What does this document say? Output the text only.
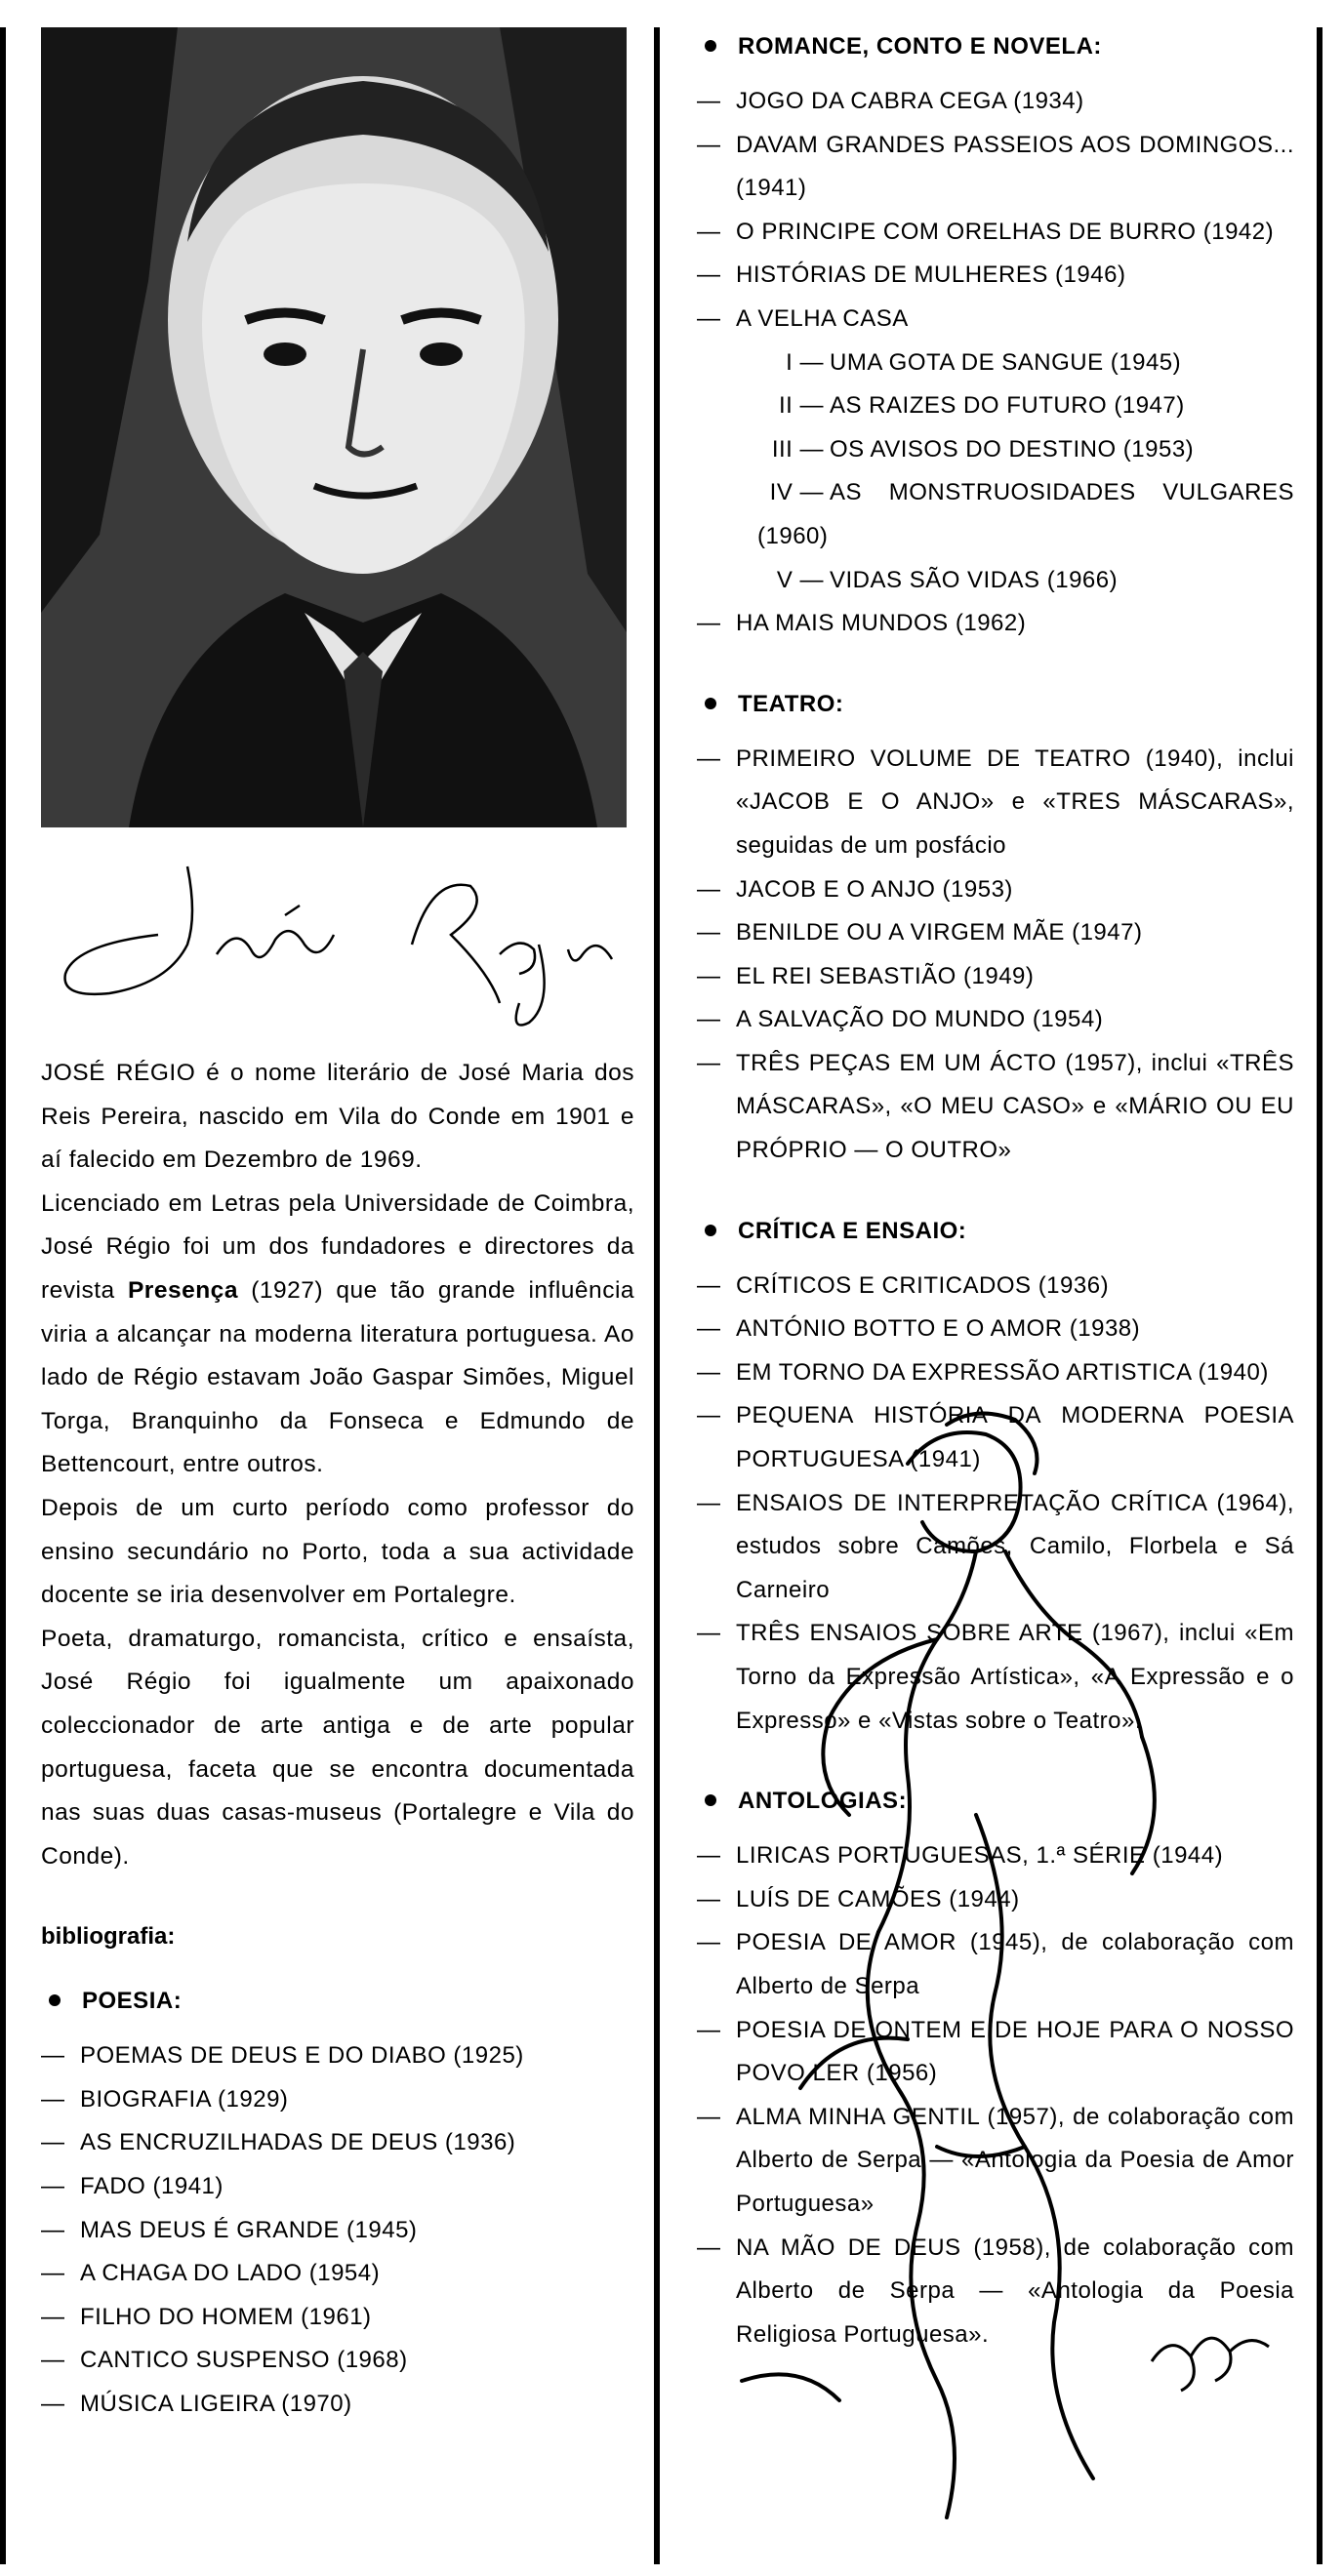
JOSÉ RÉGIO é o nome literário de José Maria dos Reis Pereira, nascido em Vila do Conde em 1901 e aí falecido em Dezembro de 1969.
Licenciado em Letras pela Universidade de Coimbra, José Régio foi um dos fundadores e directores da revista Presença (1927) que tão grande influência viria a alcançar na moderna literatura portuguesa. Ao lado de Régio estavam João Gaspar Simões, Miguel Torga, Branquinho da Fonseca e Edmundo de Bettencourt, entre outros.
Depois de um curto período como professor do ensino secundário no Porto, toda a sua actividade docente se iria desenvolver em Portalegre.
Poeta, dramaturgo, romancista, crítico e ensaísta, José Régio foi igualmente um apaixonado coleccionador de arte antiga e de arte popular portuguesa, faceta que se encontra documentada nas suas duas casas-museus (Portalegre e Vila do Conde).
bibliografia:
POESIA:
— POEMAS DE DEUS E DO DIABO (1925)
— BIOGRAFIA (1929)
— AS ENCRUZILHADAS DE DEUS (1936)
— FADO (1941)
— MAS DEUS É GRANDE (1945)
— A CHAGA DO LADO (1954)
— FILHO DO HOMEM (1961)
— CANTICO SUSPENSO (1968)
— MÚSICA LIGEIRA (1970)
ROMANCE, CONTO E NOVELA:
— JOGO DA CABRA CEGA (1934)
— DAVAM GRANDES PASSEIOS AOS DOMINGOS... (1941)
— O PRINCIPE COM ORELHAS DE BURRO (1942)
— HISTÓRIAS DE MULHERES (1946)
— A VELHA CASA
I — UMA GOTA DE SANGUE (1945)
II — AS RAIZES DO FUTURO (1947)
III — OS AVISOS DO DESTINO (1953)
IV — AS MONSTRUOSIDADES VULGARES (1960)
V — VIDAS SÃO VIDAS (1966)
— HA MAIS MUNDOS (1962)
TEATRO:
— PRIMEIRO VOLUME DE TEATRO (1940), inclui «JACOB E O ANJO» e «TRES MÁSCARAS», seguidas de um posfácio
— JACOB E O ANJO (1953)
— BENILDE OU A VIRGEM MÃE (1947)
— EL REI SEBASTIÃO (1949)
— A SALVAÇÃO DO MUNDO (1954)
— TRÊS PEÇAS EM UM ÁCTO (1957), inclui «TRÊS MÁSCARAS», «O MEU CASO» e «MÁRIO OU EU PRÓPRIO — O OUTRO»
CRÍTICA E ENSAIO:
— CRÍTICOS E CRITICADOS (1936)
— ANTÓNIO BOTTO E O AMOR (1938)
— EM TORNO DA EXPRESSÃO ARTISTICA (1940)
— PEQUENA HISTÓRIA DA MODERNA POESIA PORTUGUESA (1941)
— ENSAIOS DE INTERPRETAÇÃO CRÍTICA (1964), estudos sobre Camões, Camilo, Florbela e Sá Carneiro
— TRÊS ENSAIOS SOBRE ARTE (1967), inclui «Em Torno da Expressão Artística», «A Expressão e o Expresso» e «Vistas sobre o Teatro».
ANTOLOGIAS:
— LIRICAS PORTUGUESAS, 1.ª SÉRIE (1944)
— LUÍS DE CAMÕES (1944)
— POESIA DE AMOR (1945), de colaboração com Alberto de Serpa
— POESIA DE ONTEM E DE HOJE PARA O NOSSO POVO LER (1956)
— ALMA MINHA GENTIL (1957), de colaboração com Alberto de Serpa — «Antologia da Poesia de Amor Portuguesa»
— NA MÃO DE DEUS (1958), de colaboração com Alberto de Serpa — «Antologia da Poesia Religiosa Portuguesa».
